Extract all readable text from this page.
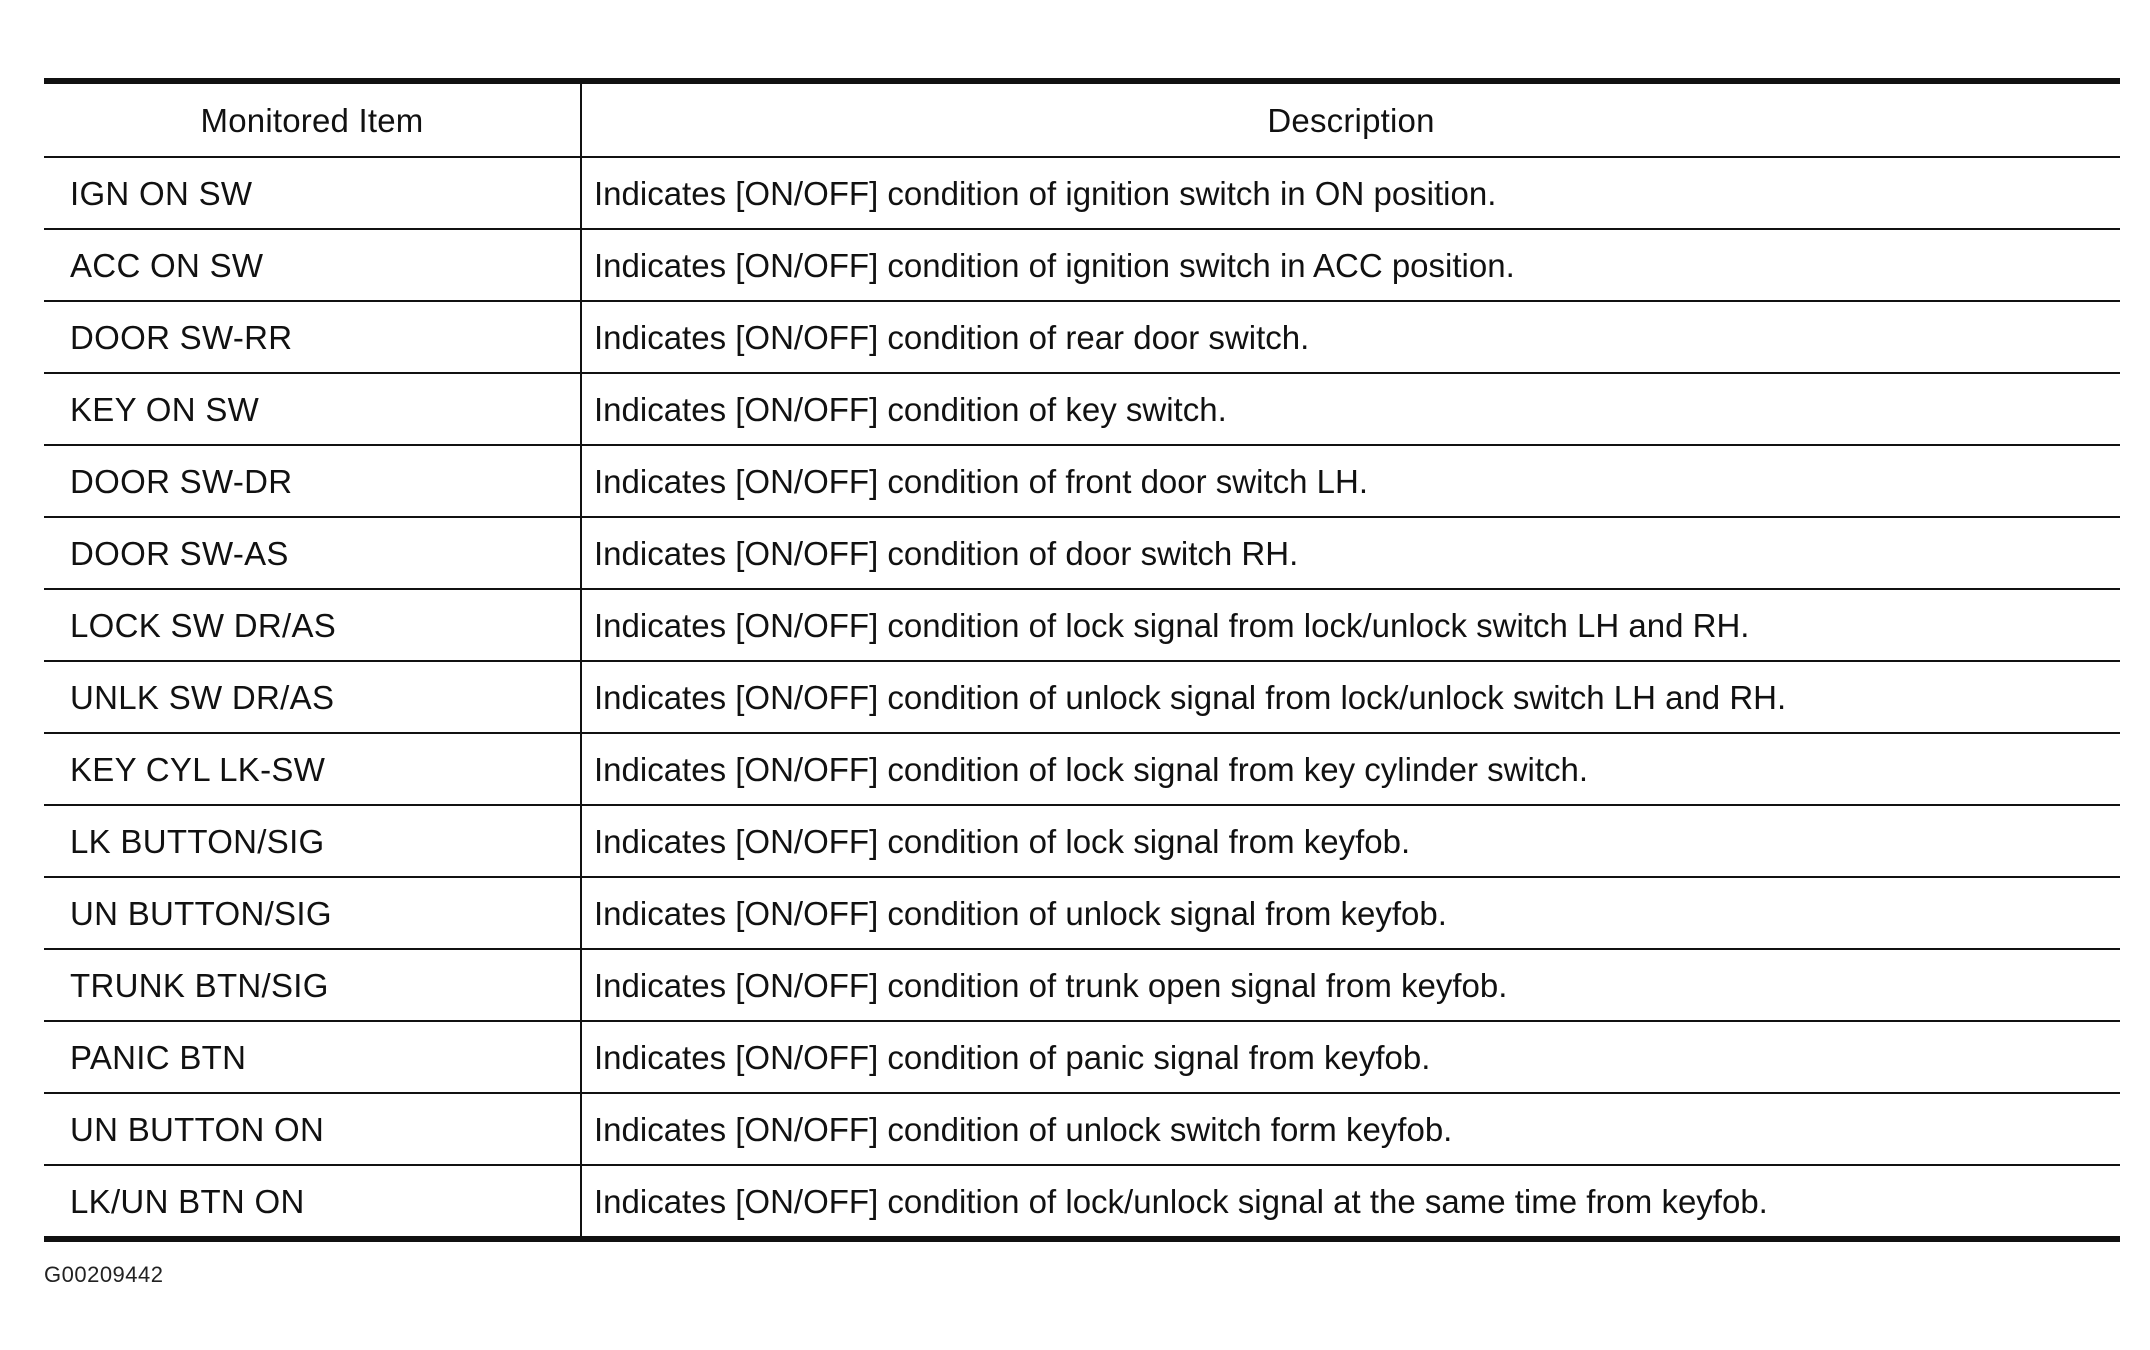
Monitored Item	Description
IGN ON SW	Indicates [ON/OFF] condition of ignition switch in ON position.
ACC ON SW	Indicates [ON/OFF] condition of ignition switch in ACC position.
DOOR SW-RR	Indicates [ON/OFF] condition of rear door switch.
KEY ON SW	Indicates [ON/OFF] condition of key switch.
DOOR SW-DR	Indicates [ON/OFF] condition of front door switch LH.
DOOR SW-AS	Indicates [ON/OFF] condition of door switch RH.
LOCK SW DR/AS	Indicates [ON/OFF] condition of lock signal from lock/unlock switch LH and RH.
UNLK SW DR/AS	Indicates [ON/OFF] condition of unlock signal from lock/unlock switch LH and RH.
KEY CYL LK-SW	Indicates [ON/OFF] condition of lock signal from key cylinder switch.
LK BUTTON/SIG	Indicates [ON/OFF] condition of lock signal from keyfob.
UN BUTTON/SIG	Indicates [ON/OFF] condition of unlock signal from keyfob.
TRUNK BTN/SIG	Indicates [ON/OFF] condition of trunk open signal from keyfob.
PANIC BTN	Indicates [ON/OFF] condition of panic signal from keyfob.
UN BUTTON ON	Indicates [ON/OFF] condition of unlock switch form keyfob.
LK/UN BTN ON	Indicates [ON/OFF] condition of lock/unlock signal at the same time from keyfob.
G00209442
